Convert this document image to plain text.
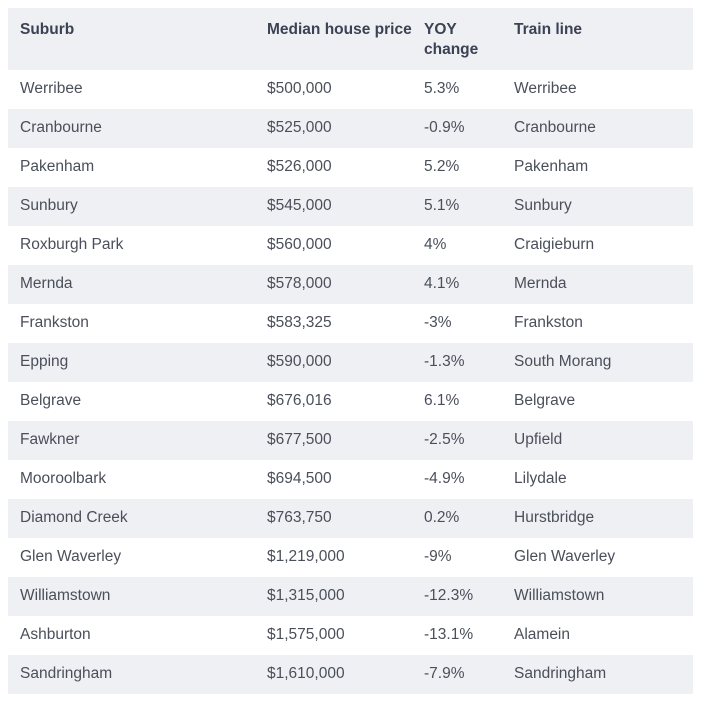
Suburb	Median house price	YOY change	Train line
Werribee	$500,000	5.3%	Werribee
Cranbourne	$525,000	-0.9%	Cranbourne
Pakenham	$526,000	5.2%	Pakenham
Sunbury	$545,000	5.1%	Sunbury
Roxburgh Park	$560,000	4%	Craigieburn
Mernda	$578,000	4.1%	Mernda
Frankston	$583,325	-3%	Frankston
Epping	$590,000	-1.3%	South Morang
Belgrave	$676,016	6.1%	Belgrave
Fawkner	$677,500	-2.5%	Upfield
Mooroolbark	$694,500	-4.9%	Lilydale
Diamond Creek	$763,750	0.2%	Hurstbridge
Glen Waverley	$1,219,000	-9%	Glen Waverley
Williamstown	$1,315,000	-12.3%	Williamstown
Ashburton	$1,575,000	-13.1%	Alamein
Sandringham	$1,610,000	-7.9%	Sandringham
